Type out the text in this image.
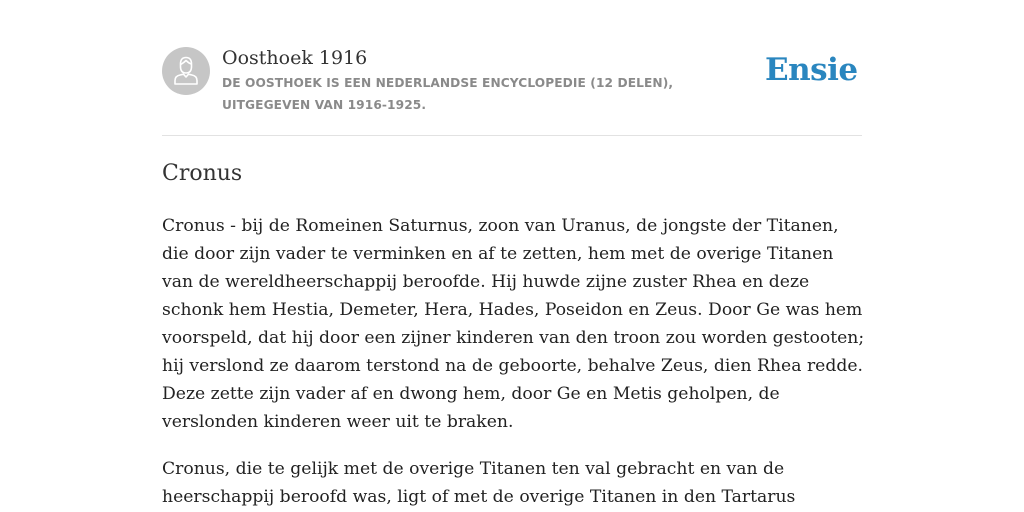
Oosthoek 1916
DE OOSTHOEK IS EEN NEDERLANDSE ENCYCLOPEDIE (12 DELEN), UITGEGEVEN VAN 1916-1925.
Ensie
Cronus

Cronus - bij de Romeinen Saturnus, zoon van Uranus, de jongste der Titanen, die door zijn vader te verminken en af te zetten, hem met de overige Titanen van de wereldheerschappij beroofde. Hij huwde zijne zuster Rhea en deze schonk hem Hestia, Demeter, Hera, Hades, Poseidon en Zeus. Door Ge was hem voorspeld, dat hij door een zijner kinderen van den troon zou worden gestooten; hij verslond ze daarom terstond na de geboorte, behalve Zeus, dien Rhea redde. Deze zette zijn vader af en dwong hem, door Ge en Metis geholpen, de verslonden kinderen weer uit te braken.

Cronus, die te gelijk met de overige Titanen ten val gebracht en van de heerschappij beroofd was, ligt of met de overige Titanen in den Tartarus
